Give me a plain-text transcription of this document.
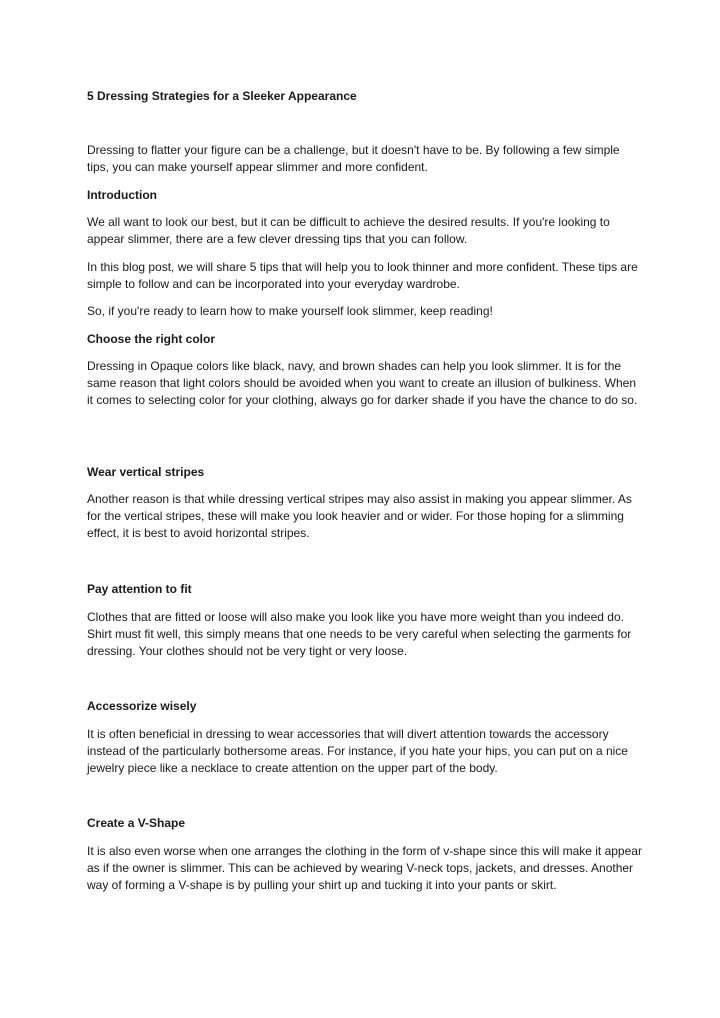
5 Dressing Strategies for a Sleeker Appearance

Dressing to flatter your figure can be a challenge, but it doesn't have to be. By following a few simple tips, you can make yourself appear slimmer and more confident.

Introduction

We all want to look our best, but it can be difficult to achieve the desired results. If you're looking to appear slimmer, there are a few clever dressing tips that you can follow.

In this blog post, we will share 5 tips that will help you to look thinner and more confident. These tips are simple to follow and can be incorporated into your everyday wardrobe.

So, if you're ready to learn how to make yourself look slimmer, keep reading!

Choose the right color

Dressing in Opaque colors like black, navy, and brown shades can help you look slimmer. It is for the same reason that light colors should be avoided when you want to create an illusion of bulkiness. When it comes to selecting color for your clothing, always go for darker shade if you have the chance to do so.

Wear vertical stripes

Another reason is that while dressing vertical stripes may also assist in making you appear slimmer. As for the vertical stripes, these will make you look heavier and or wider. For those hoping for a slimming effect, it is best to avoid horizontal stripes.

Pay attention to fit

Clothes that are fitted or loose will also make you look like you have more weight than you indeed do. Shirt must fit well, this simply means that one needs to be very careful when selecting the garments for dressing. Your clothes should not be very tight or very loose.

Accessorize wisely

It is often beneficial in dressing to wear accessories that will divert attention towards the accessory instead of the particularly bothersome areas. For instance, if you hate your hips, you can put on a nice jewelry piece like a necklace to create attention on the upper part of the body.

Create a V-Shape

It is also even worse when one arranges the clothing in the form of v-shape since this will make it appear as if the owner is slimmer. This can be achieved by wearing V-neck tops, jackets, and dresses. Another way of forming a V-shape is by pulling your shirt up and tucking it into your pants or skirt.
